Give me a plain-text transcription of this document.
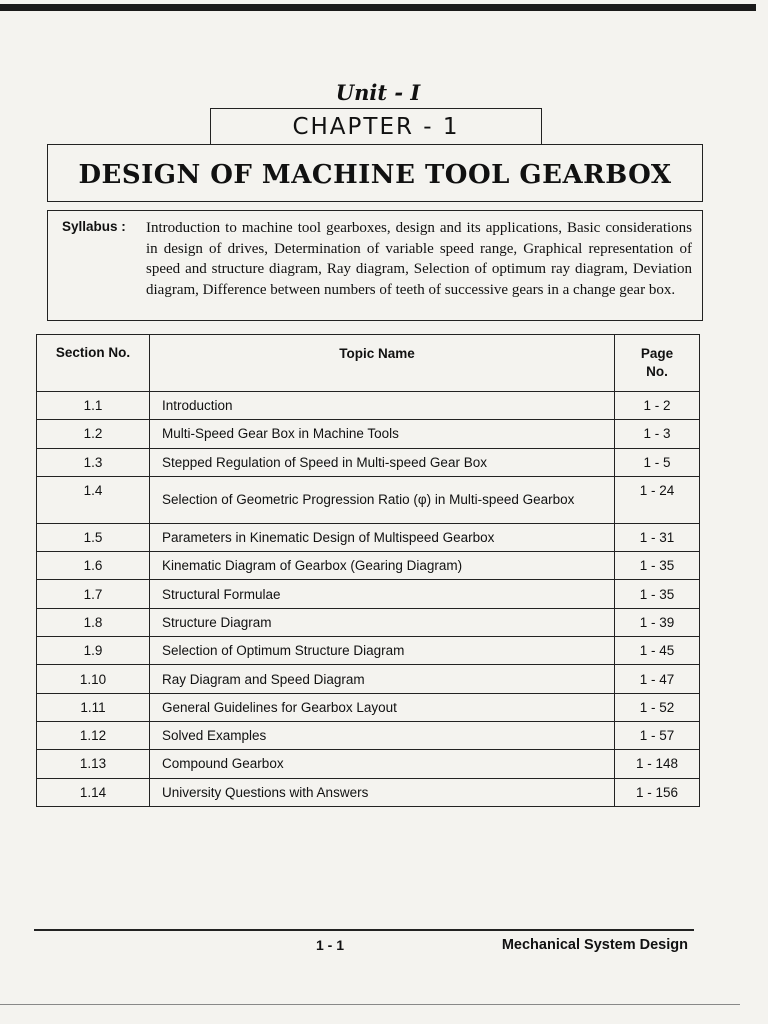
Unit - I
CHAPTER - 1
DESIGN OF MACHINE TOOL GEARBOX
Syllabus : Introduction to machine tool gearboxes, design and its applications, Basic considerations in design of drives, Determination of variable speed range, Graphical representation of speed and structure diagram, Ray diagram, Selection of optimum ray diagram, Deviation diagram, Difference between numbers of teeth of successive gears in a change gear box.
Section No.	Topic Name	Page No.
1.1	Introduction	1 - 2
1.2	Multi-Speed Gear Box in Machine Tools	1 - 3
1.3	Stepped Regulation of Speed in Multi-speed Gear Box	1 - 5
1.4	Selection of Geometric Progression Ratio (φ) in Multi-speed Gearbox	1 - 24
1.5	Parameters in Kinematic Design of Multispeed Gearbox	1 - 31
1.6	Kinematic Diagram of Gearbox (Gearing Diagram)	1 - 35
1.7	Structural Formulae	1 - 35
1.8	Structure Diagram	1 - 39
1.9	Selection of Optimum Structure Diagram	1 - 45
1.10	Ray Diagram and Speed Diagram	1 - 47
1.11	General Guidelines for Gearbox Layout	1 - 52
1.12	Solved Examples	1 - 57
1.13	Compound Gearbox	1 - 148
1.14	University Questions with Answers	1 - 156
1 - 1	Mechanical System Design
